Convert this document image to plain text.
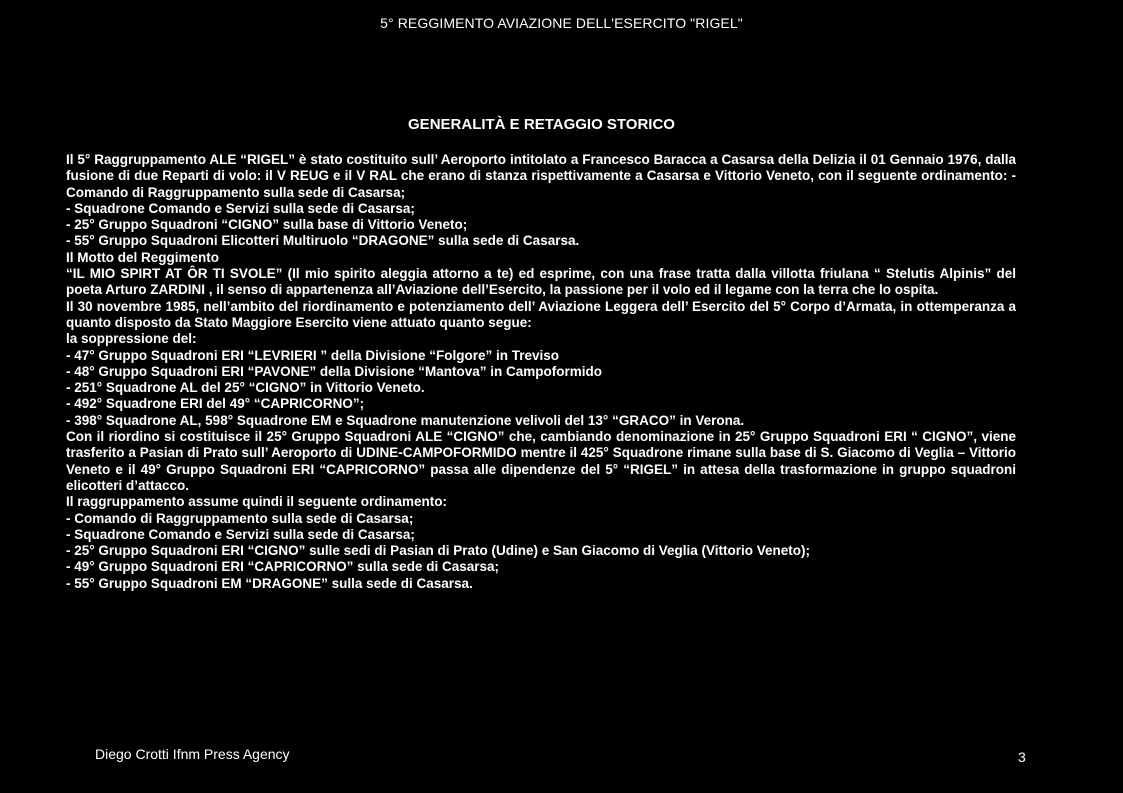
5° REGGIMENTO AVIAZIONE DELL'ESERCITO "RIGEL"
GENERALITÀ E RETAGGIO STORICO

Il 5° Raggruppamento ALE “RIGEL” è stato costituito sull’ Aeroporto intitolato a Francesco Baracca a Casarsa della Delizia il 01 Gennaio 1976, dalla fusione di due Reparti di volo: il V REUG e il V RAL che erano di stanza rispettivamente a Casarsa e Vittorio Veneto, con il seguente ordinamento: - Comando di Raggruppamento sulla sede di Casarsa;

- Squadrone Comando e Servizi sulla sede di Casarsa;

- 25° Gruppo Squadroni “CIGNO” sulla base di Vittorio Veneto;

- 55° Gruppo Squadroni Elicotteri Multiruolo “DRAGONE” sulla sede di Casarsa.

Il Motto del Reggimento

“IL MIO SPIRT AT ÔR TI SVOLE” (Il mio spirito aleggia attorno a te) ed esprime, con una frase tratta dalla villotta friulana “ Stelutis Alpinis” del poeta Arturo ZARDINI , il senso di appartenenza all’Aviazione dell’Esercito, la passione per il volo ed il legame con la terra che lo ospita.

Il 30 novembre 1985, nell’ambito del riordinamento e potenziamento dell’ Aviazione Leggera dell’ Esercito del 5° Corpo d’Armata, in ottemperanza a quanto disposto da Stato Maggiore Esercito viene attuato quanto segue:

la soppressione del:

- 47° Gruppo Squadroni ERI “LEVRIERI ” della Divisione “Folgore” in Treviso

- 48° Gruppo Squadroni ERI “PAVONE” della Divisione “Mantova” in Campoformido

- 251° Squadrone AL del 25° “CIGNO” in Vittorio Veneto.

- 492° Squadrone ERI del 49° “CAPRICORNO”;

- 398° Squadrone AL, 598° Squadrone EM e Squadrone manutenzione velivoli del 13° “GRACO” in Verona.

Con il riordino si costituisce il 25° Gruppo Squadroni ALE “CIGNO” che, cambiando denominazione in 25° Gruppo Squadroni ERI “ CIGNO”, viene trasferito a Pasian di Prato sull’ Aeroporto di UDINE-CAMPOFORMIDO mentre il 425° Squadrone rimane sulla base di S. Giacomo di Veglia – Vittorio Veneto e il 49° Gruppo Squadroni ERI “CAPRICORNO” passa alle dipendenze del 5° “RIGEL” in attesa della trasformazione in gruppo squadroni elicotteri d’attacco.

Il raggruppamento assume quindi il seguente ordinamento:

- Comando di Raggruppamento sulla sede di Casarsa;

- Squadrone Comando e Servizi sulla sede di Casarsa;

- 25° Gruppo Squadroni ERI “CIGNO” sulle sedi di Pasian di Prato (Udine) e San Giacomo di Veglia (Vittorio Veneto);

- 49° Gruppo Squadroni ERI “CAPRICORNO” sulla sede di Casarsa;

- 55° Gruppo Squadroni EM “DRAGONE” sulla sede di Casarsa.

Diego Crotti Ifnm Press Agency	3
